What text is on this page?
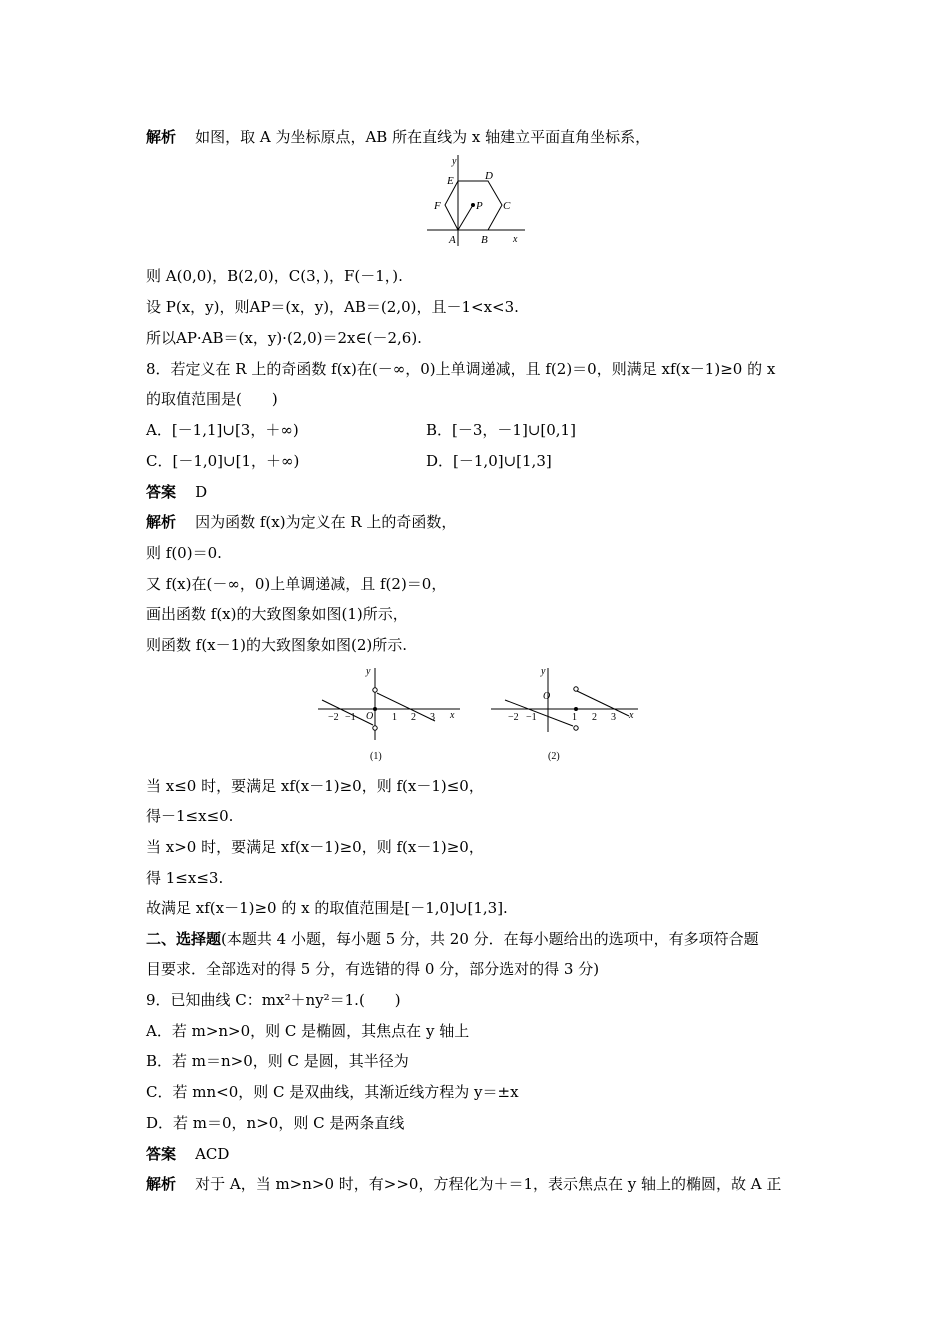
解析 如图，取 A 为坐标原点，AB 所在直线为 x 轴建立平面直角坐标系，
y
E	D
F	P C
A B	x
则 A(0,0)，B(2,0)，C(3，)，F(－1，).
设 P(x，y)，则AP＝(x，y)，AB＝(2,0)，且－1<x<3.
所以AP·AB＝(x，y)·(2,0)＝2x∈(－2,6).
8．若定义在 R 上的奇函数 f(x)在(－∞，0)上单调递减，且 f(2)＝0，则满足 xf(x－1)≥0 的 x
的取值范围是(　　)
A．[－1,1]∪[3，＋∞)	B．[－3，－1]∪[0,1]
C．[－1,0]∪[1，＋∞)	D．[－1,0]∪[1,3]
答案 D
解析 因为函数 f(x)为定义在 R 上的奇函数，
则 f(0)＝0.
又 f(x)在(－∞，0)上单调递减，且 f(2)＝0，
画出函数 f(x)的大致图象如图(1)所示，
则函数 f(x－1)的大致图象如图(2)所示.
y
x
−2 −1 O 1 2 3
(1)
y
x
−2 −1
O
1 2 3
(2)
当 x≤0 时，要满足 xf(x－1)≥0，则 f(x－1)≤0，
得－1≤x≤0.
当 x>0 时，要满足 xf(x－1)≥0，则 f(x－1)≥0，
得 1≤x≤3.
故满足 xf(x－1)≥0 的 x 的取值范围是[－1,0]∪[1,3].
二、选择题(本题共 4 小题，每小题 5 分，共 20 分．在每小题给出的选项中，有多项符合题
目要求．全部选对的得 5 分，有选错的得 0 分，部分选对的得 3 分)
9．已知曲线 C：mx²＋ny²＝1.(　　)
A．若 m>n>0，则 C 是椭圆，其焦点在 y 轴上
B．若 m＝n>0，则 C 是圆，其半径为
C．若 mn<0，则 C 是双曲线，其渐近线方程为 y＝±x
D．若 m＝0，n>0，则 C 是两条直线
答案 ACD
解析 对于 A，当 m>n>0 时，有>>0，方程化为＋＝1，表示焦点在 y 轴上的椭圆，故 A 正
